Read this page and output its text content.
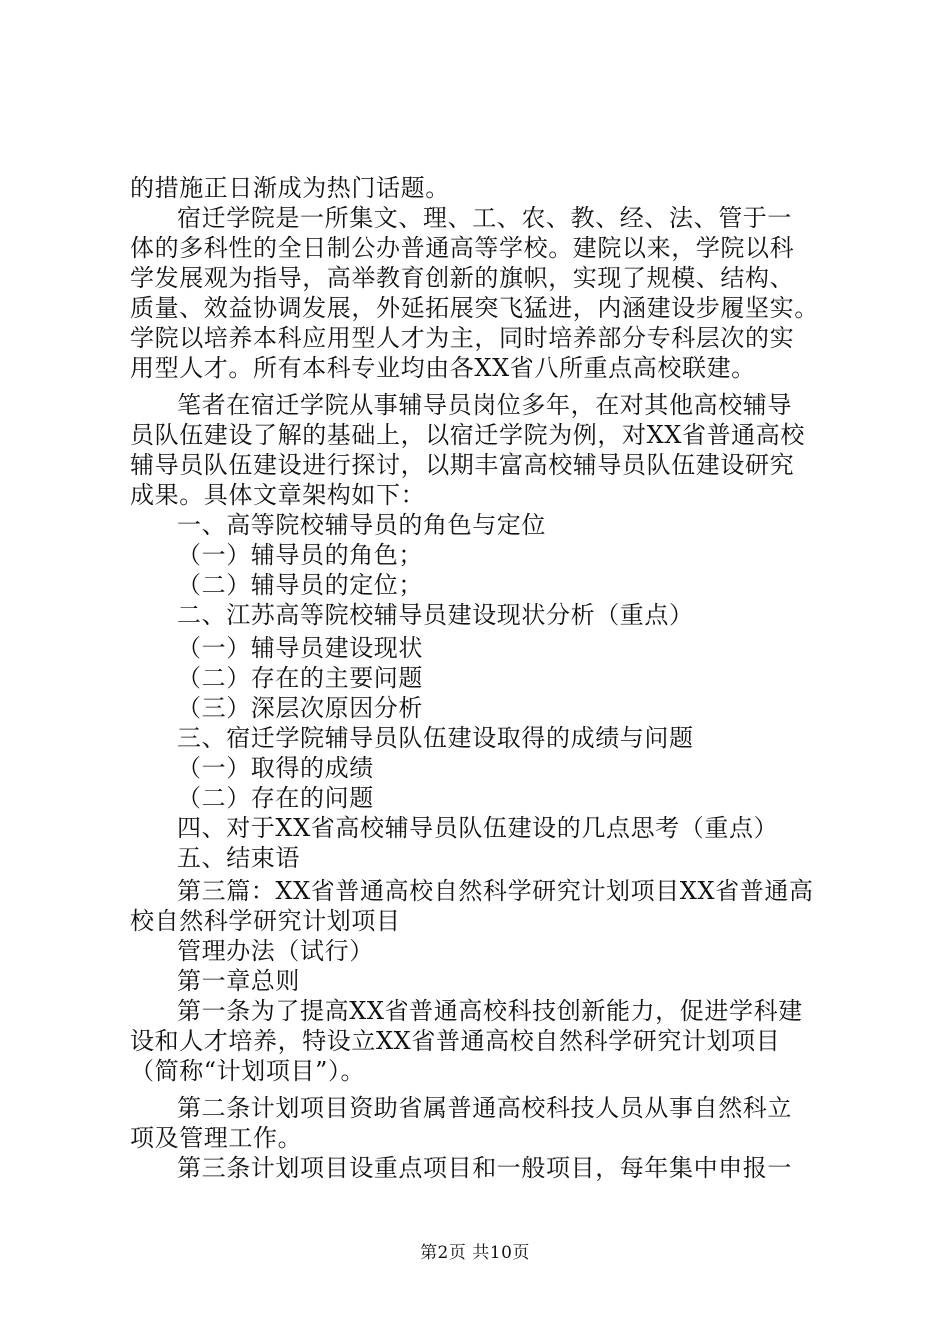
的措施正日渐成为热门话题。
宿迁学院是一所集文、理、工、农、教、经、法、管于一
体的多科性的全日制公办普通高等学校。建院以来，学院以科
学发展观为指导，高举教育创新的旗帜，实现了规模、结构、
质量、效益协调发展，外延拓展突飞猛进，内涵建设步履坚实。
学院以培养本科应用型人才为主，同时培养部分专科层次的实
用型人才。所有本科专业均由各XX省八所重点高校联建。
笔者在宿迁学院从事辅导员岗位多年，在对其他高校辅导
员队伍建设了解的基础上，以宿迁学院为例，对XX省普通高校
辅导员队伍建设进行探讨，以期丰富高校辅导员队伍建设研究
成果。具体文章架构如下：
一、高等院校辅导员的角色与定位
（一）辅导员的角色；
（二）辅导员的定位；
二、江苏高等院校辅导员建设现状分析（重点）
（一）辅导员建设现状
（二）存在的主要问题
（三）深层次原因分析
三、宿迁学院辅导员队伍建设取得的成绩与问题
（一）取得的成绩
（二）存在的问题
四、对于XX省高校辅导员队伍建设的几点思考（重点）
五、结束语
第三篇：XX省普通高校自然科学研究计划项目XX省普通高
校自然科学研究计划项目
管理办法（试行）
第一章总则
第一条为了提高XX省普通高校科技创新能力，促进学科建
设和人才培养，特设立XX省普通高校自然科学研究计划项目
（简称“计划项目”）。
第二条计划项目资助省属普通高校科技人员从事自然科立
项及管理工作。
第三条计划项目设重点项目和一般项目，每年集中申报一
第2页 共10页
